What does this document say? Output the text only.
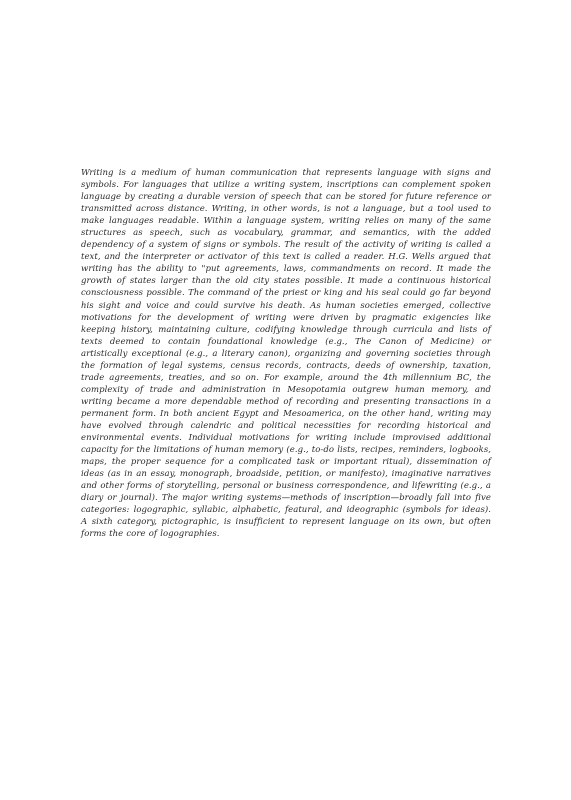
Writing is a medium of human communication that represents language with signs and symbols. For languages that utilize a writing system, inscriptions can complement spoken language by creating a durable version of speech that can be stored for future reference or transmitted across distance. Writing, in other words, is not a language, but a tool used to make languages readable. Within a language system, writing relies on many of the same structures as speech, such as vocabulary, grammar, and semantics, with the added dependency of a system of signs or symbols. The result of the activity of writing is called a text, and the interpreter or activator of this text is called a reader. H.G. Wells argued that writing has the ability to "put agreements, laws, commandments on record. It made the growth of states larger than the old city states possible. It made a continuous historical consciousness possible. The command of the priest or king and his seal could go far beyond his sight and voice and could survive his death. As human societies emerged, collective motivations for the development of writing were driven by pragmatic exigencies like keeping history, maintaining culture, codifying knowledge through curricula and lists of texts deemed to contain foundational knowledge (e.g., The Canon of Medicine) or artistically exceptional (e.g., a literary canon), organizing and governing societies through the formation of legal systems, census records, contracts, deeds of ownership, taxation, trade agreements, treaties, and so on. For example, around the 4th millennium BC, the complexity of trade and administration in Mesopotamia outgrew human memory, and writing became a more dependable method of recording and presenting transactions in a permanent form. In both ancient Egypt and Mesoamerica, on the other hand, writing may have evolved through calendric and political necessities for recording historical and environmental events. Individual motivations for writing include improvised additional capacity for the limitations of human memory (e.g., to-do lists, recipes, reminders, logbooks, maps, the proper sequence for a complicated task or important ritual), dissemination of ideas (as in an essay, monograph, broadside, petition, or manifesto), imaginative narratives and other forms of storytelling, personal or business correspondence, and lifewriting (e.g., a diary or journal). The major writing systems—methods of inscription—broadly fall into five categories: logographic, syllabic, alphabetic, featural, and ideographic (symbols for ideas). A sixth category, pictographic, is insufficient to represent language on its own, but often forms the core of logographies.
